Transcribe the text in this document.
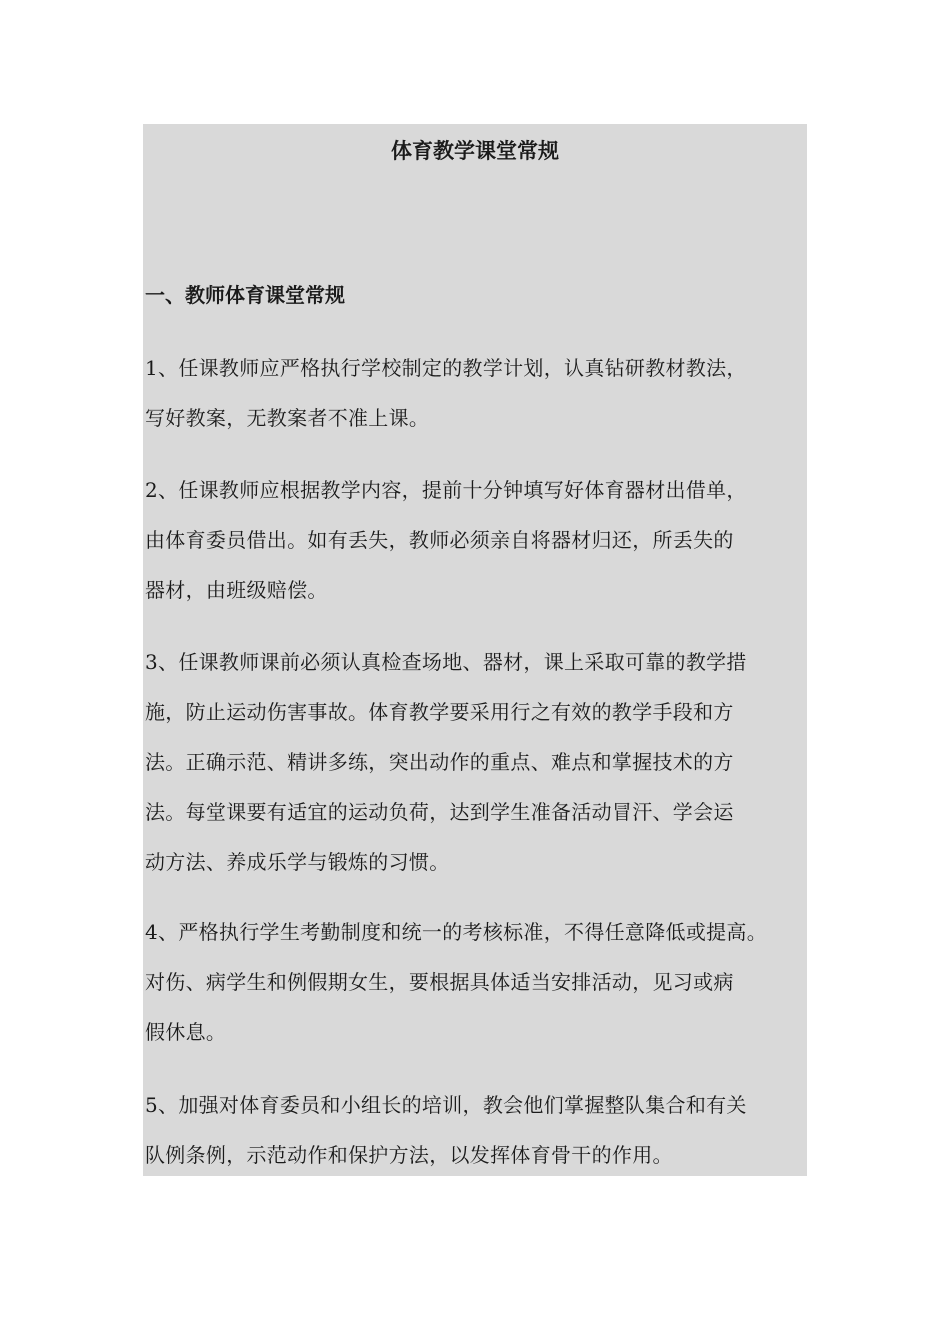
体育教学课堂常规
一、教师体育课堂常规
1、任课教师应严格执行学校制定的教学计划，认真钻研教材教法，
写好教案，无教案者不准上课。
2、任课教师应根据教学内容，提前十分钟填写好体育器材出借单，
由体育委员借出。如有丢失，教师必须亲自将器材归还，所丢失的
器材，由班级赔偿。
3、任课教师课前必须认真检查场地、器材，课上采取可靠的教学措
施，防止运动伤害事故。体育教学要采用行之有效的教学手段和方
法。正确示范、精讲多练，突出动作的重点、难点和掌握技术的方
法。每堂课要有适宜的运动负荷，达到学生准备活动冒汗、学会运
动方法、养成乐学与锻炼的习惯。
4、严格执行学生考勤制度和统一的考核标准，不得任意降低或提高。
对伤、病学生和例假期女生，要根据具体适当安排活动，见习或病
假休息。
5、加强对体育委员和小组长的培训，教会他们掌握整队集合和有关
队例条例，示范动作和保护方法，以发挥体育骨干的作用。
